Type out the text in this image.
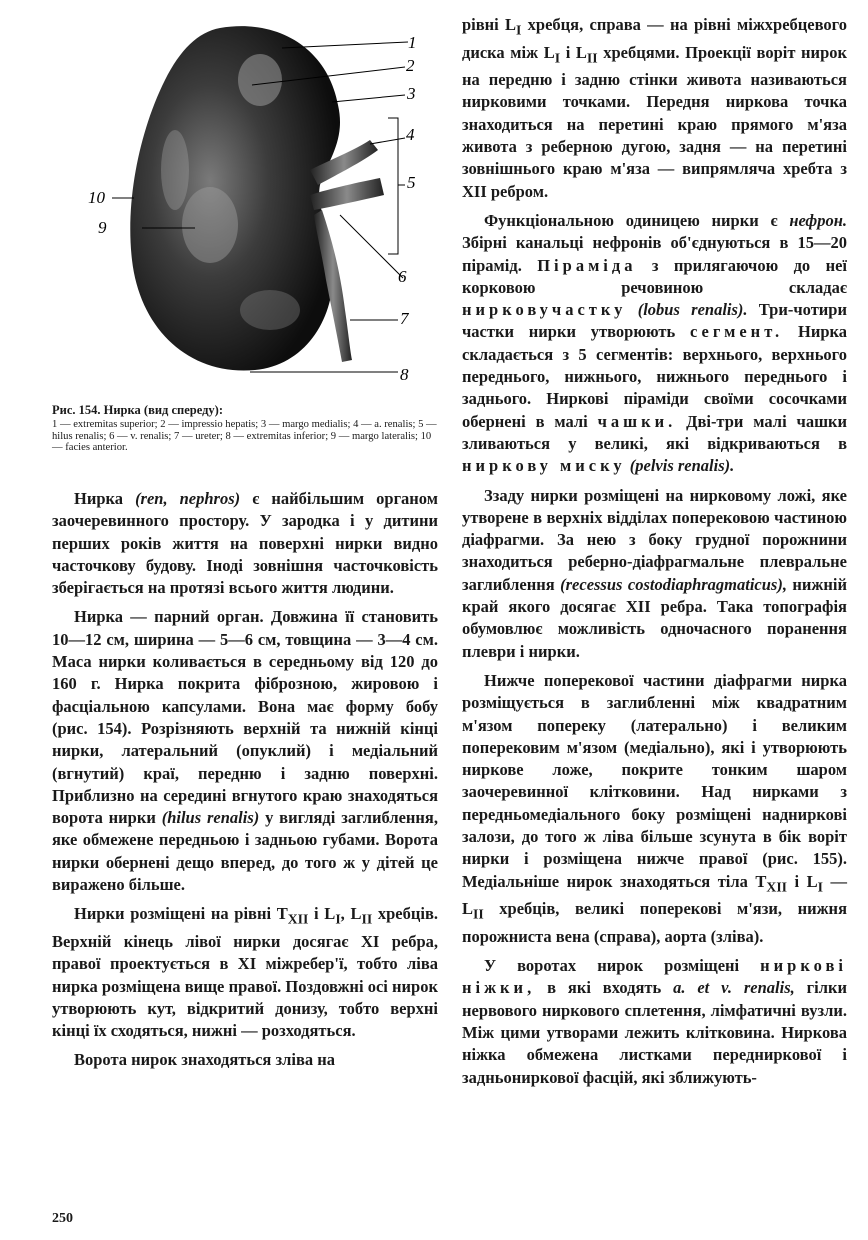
1
2
3
4
5
6
7
8
9
10
Рис. 154. Нирка (вид спереду):
1 — extremitas superior; 2 — impressio hepatis; 3 — margo medialis; 4 — a. renalis; 5 — hilus renalis; 6 — v. renalis; 7 — ureter; 8 — extremitas inferior; 9 — margo lateralis; 10 — facies anterior.

Нирка (ren, nephros) є найбільшим органом заочеревинного простору. У зародка і у дитини перших років життя на поверхні нирки видно часточкову будову. Іноді зовнішня часточковість зберігається на протязі всього життя людини.

Нирка — парний орган. Довжина її становить 10—12 см, ширина — 5—6 см, товщина — 3—4 см. Маса нирки коливається в середньому від 120 до 160 г. Нирка покрита фіброзною, жировою і фасціальною капсулами. Вона має форму бобу (рис. 154). Розрізняють верхній та нижній кінці нирки, латеральний (опуклий) і медіальний (вгнутий) краї, передню і задню поверхні. Приблизно на середині вгнутого краю знаходяться ворота нирки (hilus renalis) у вигляді заглиблення, яке обмежене передньою і задньою губами. Ворота нирки обернені дещо вперед, до того ж у дітей це виражено більше.

Нирки розміщені на рівні $T_{XII}$ і $L_I$, $L_{II}$ хребців. Верхній кінець лівої нирки досягає XI ребра, правої проектується в XI міжребер'ї, тобто ліва нирка розміщена вище правої. Поздовжні осі нирок утворюють кут, відкритий донизу, тобто верхні кінці їх сходяться, нижні — розходяться.

Ворота нирок знаходяться зліва на

рівні $L_I$ хребця, справа — на рівні міжхребцевого диска між $L_I$ і $L_{II}$ хребцями. Проекції воріт нирок на передню і задню стінки живота називаються нирковими точками. Передня ниркова точка знаходиться на перетині краю прямого м'яза живота з реберною дугою, задня — на перетині зовнішнього краю м'яза — випрямляча хребта з XII ребром.

Функціональною одиницею нирки є нефрон. Збірні канальці нефронів об'єднуються в 15—20 пірамід. Піраміда з прилягаючою до неї корковою речовиною складає нирковучастку (lobus renalis). Три-чотири частки нирки утворюють сегмент. Нирка складається з 5 сегментів: верхнього, верхнього переднього, нижнього, нижнього переднього і заднього. Ниркові піраміди своїми сосочками обернені в малі чашки. Дві-три малі чашки зливаються у великі, які відкриваються в ниркову миску (pelvis renalis).

Ззаду нирки розміщені на нирковому ложі, яке утворене в верхніх відділах поперековою частиною діафрагми. За нею з боку грудної порожнини знаходиться реберно-діафрагмальне плевральне заглиблення (recessus costodiaphragmaticus), нижній край якого досягає XII ребра. Така топографія обумовлює можливість одночасного поранення плеври і нирки.

Нижче поперекової частини діафрагми нирка розміщується в заглибленні між квадратним м'язом попереку (латерально) і великим поперековим м'язом (медіально), які і утворюють ниркове ложе, покрите тонким шаром заочеревинної клітковини. Над нирками з передньомедіального боку розміщені надниркові залози, до того ж ліва більше зсунута в бік воріт нирки і розміщена нижче правої (рис. 155). Медіальніше нирок знаходяться тіла $T_{XII}$ і $L_I$ — $L_{II}$ хребців, великі поперекові м'язи, нижня порожниста вена (справа), аорта (зліва).

У воротах нирок розміщені ниркові ніжки, в які входять a. et v. renalis, гілки нервового ниркового сплетення, лімфатичні вузли. Між цими утворами лежить клітковина. Ниркова ніжка обмежена листками передниркової і задньониркової фасцій, які зближують-

250
